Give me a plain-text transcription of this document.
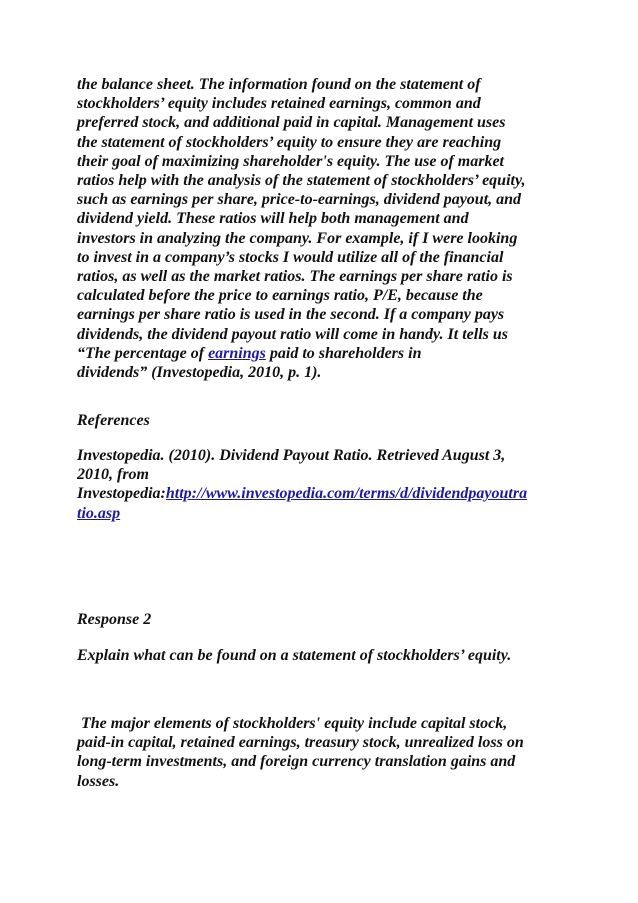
the balance sheet. The information found on the statement of
stockholders’ equity includes retained earnings, common and
preferred stock, and additional paid in capital. Management uses
the statement of stockholders’ equity to ensure they are reaching
their goal of maximizing shareholder's equity. The use of market
ratios help with the analysis of the statement of stockholders’ equity,
such as earnings per share, price-to-earnings, dividend payout, and
dividend yield. These ratios will help both management and
investors in analyzing the company. For example, if I were looking
to invest in a company’s stocks I would utilize all of the financial
ratios, as well as the market ratios. The earnings per share ratio is
calculated before the price to earnings ratio, P/E, because the
earnings per share ratio is used in the second. If a company pays
dividends, the dividend payout ratio will come in handy. It tells us
“The percentage of earnings paid to shareholders in
dividends” (Investopedia, 2010, p. 1).
References
Investopedia. (2010). Dividend Payout Ratio. Retrieved August 3,
2010, from
Investopedia:http://www.investopedia.com/terms/d/dividendpayoutra
tio.asp
Response 2
Explain what can be found on a statement of stockholders’ equity.
The major elements of stockholders' equity include capital stock,
paid-in capital, retained earnings, treasury stock, unrealized loss on
long-term investments, and foreign currency translation gains and
losses.
